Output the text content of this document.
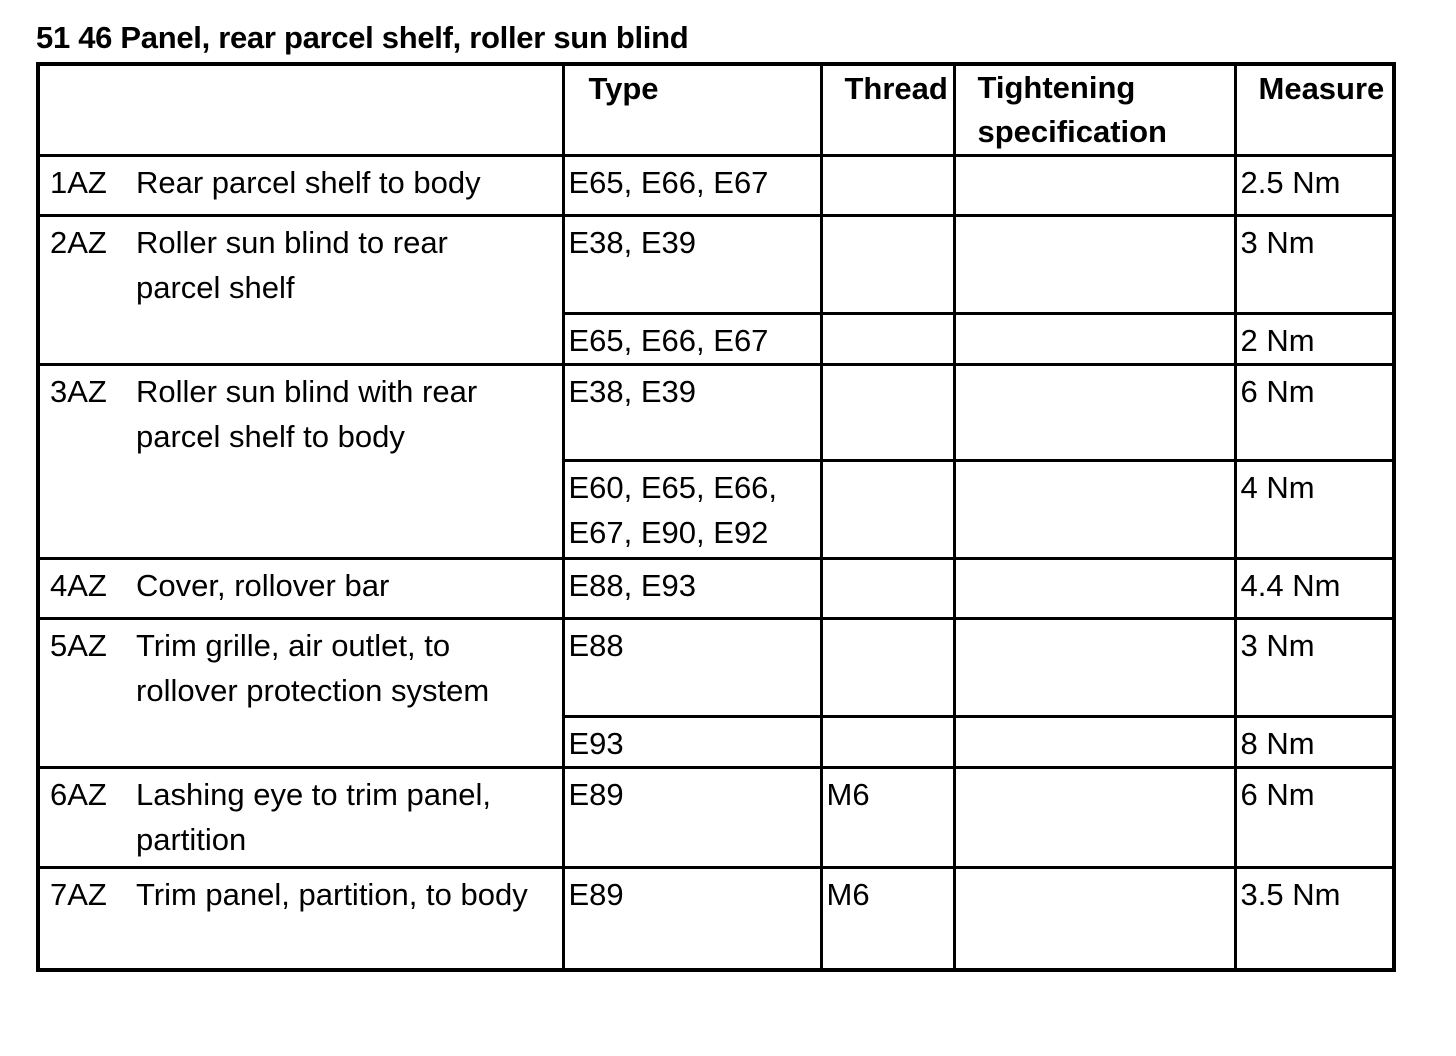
51 46 Panel, rear parcel shelf, roller sun blind
	Type	Thread	Tightening specification	Measure
1AZ Rear parcel shelf to body	E65, E66, E67			2.5 Nm
2AZ Roller sun blind to rear parcel shelf	E38, E39			3 Nm
	E65, E66, E67			2 Nm
3AZ Roller sun blind with rear parcel shelf to body	E38, E39			6 Nm
	E60, E65, E66, E67, E90, E92			4 Nm
4AZ Cover, rollover bar	E88, E93			4.4 Nm
5AZ Trim grille, air outlet, to rollover protection system	E88			3 Nm
	E93			8 Nm
6AZ Lashing eye to trim panel, partition	E89	M6		6 Nm
7AZ Trim panel, partition, to body	E89	M6		3.5 Nm
